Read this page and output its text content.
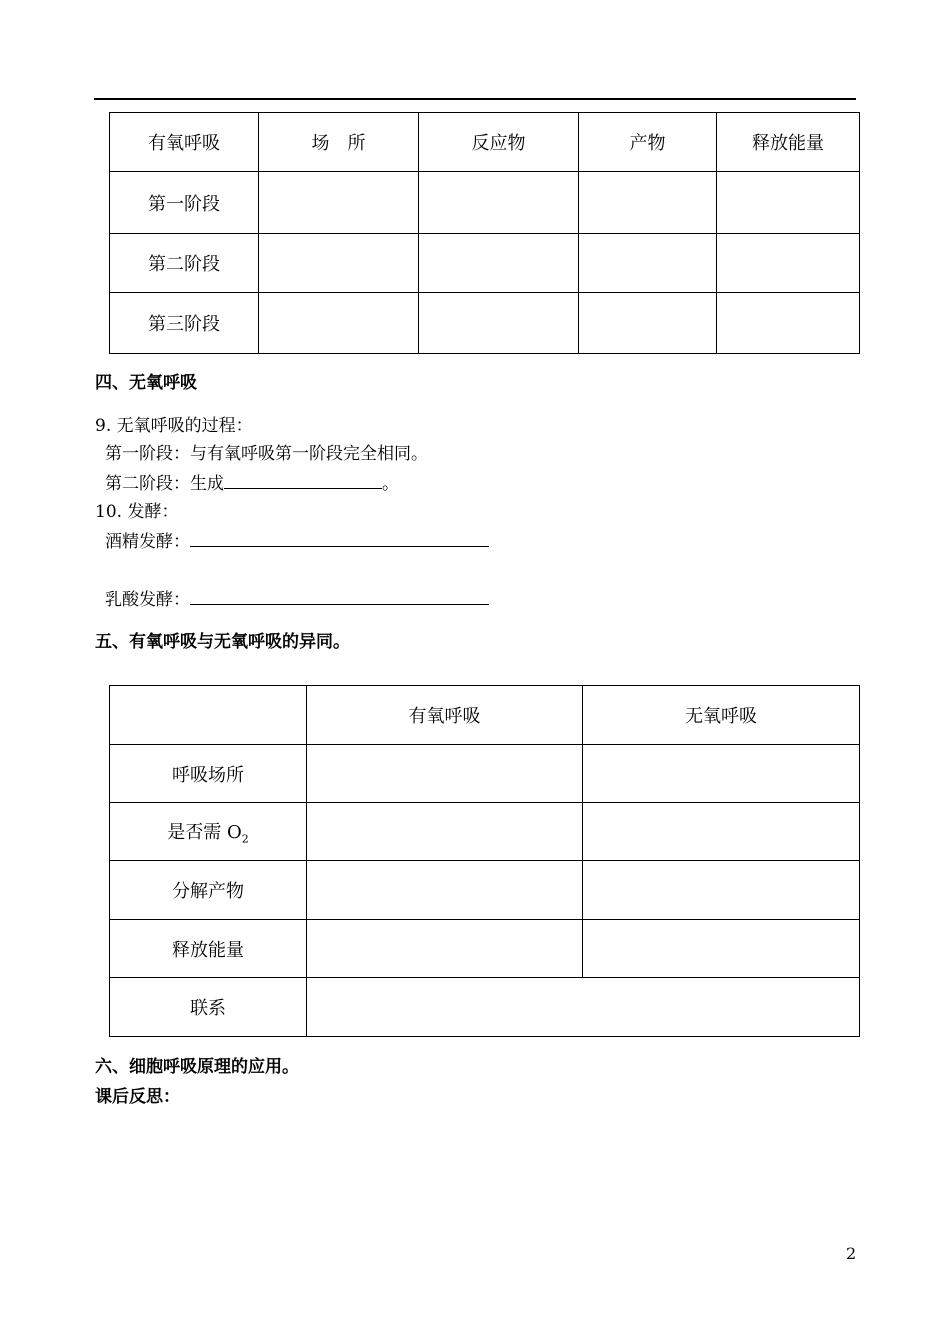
有氧呼吸	场　所	反应物	产物	释放能量
第一阶段				
第二阶段				
第三阶段				
四、无氧呼吸
9. 无氧呼吸的过程：
第一阶段：与有氧呼吸第一阶段完全相同。
第二阶段：生成	。
10. 发酵：
酒精发酵：
乳酸发酵：
五、有氧呼吸与无氧呼吸的异同。
	有氧呼吸	无氧呼吸
呼吸场所		
是否需 $O_2$		
分解产物		
释放能量		
联系		
六、细胞呼吸原理的应用。
课后反思：
2
